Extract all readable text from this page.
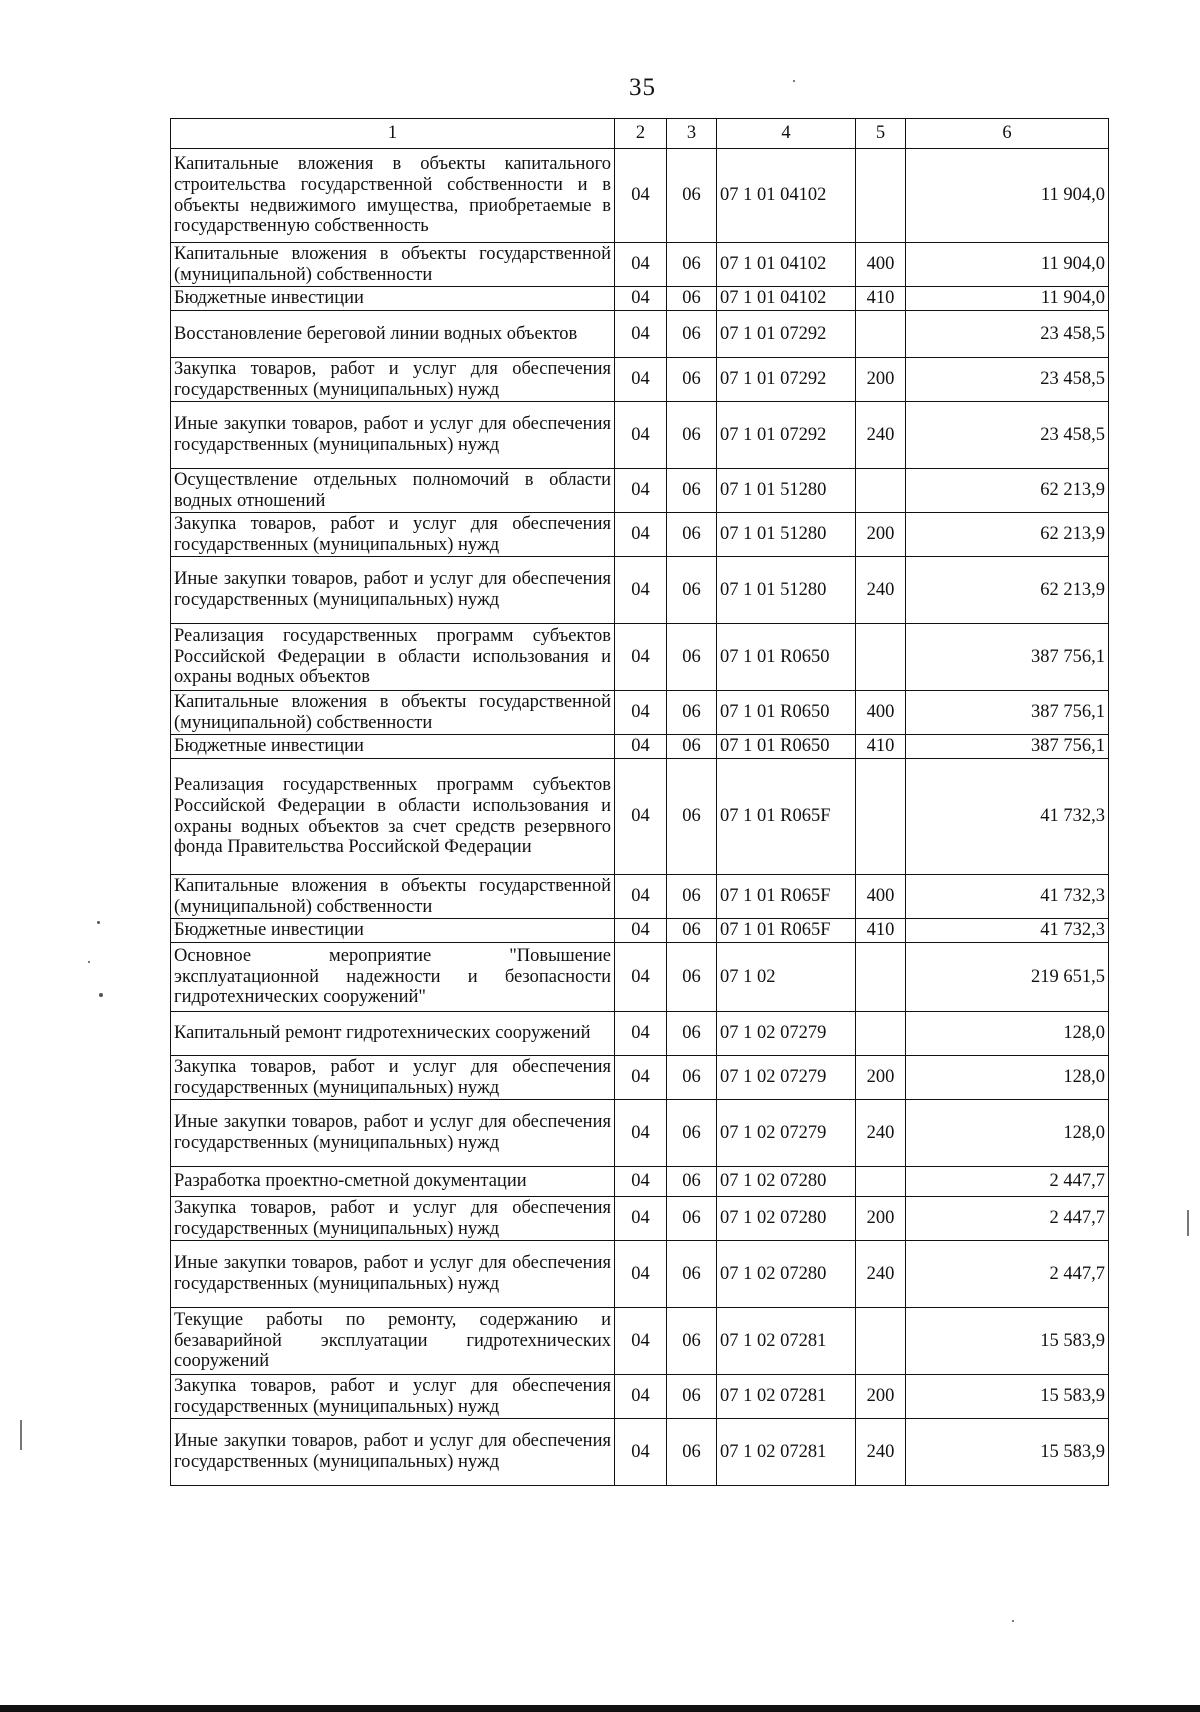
35
1	2	3	4	5	6
Капитальные вложения в объекты капитального строительства государственной собственности и в объекты недвижимого имущества, приобретаемые в государственную собственность	04	06	07 1 01 04102		11 904,0
Капитальные вложения в объекты государственной (муниципальной) собственности	04	06	07 1 01 04102	400	11 904,0
Бюджетные инвестиции	04	06	07 1 01 04102	410	11 904,0
Восстановление береговой линии водных объектов	04	06	07 1 01 07292		23 458,5
Закупка товаров, работ и услуг для обеспечения государственных (муниципальных) нужд	04	06	07 1 01 07292	200	23 458,5
Иные закупки товаров, работ и услуг для обеспечения государственных (муниципальных) нужд	04	06	07 1 01 07292	240	23 458,5
Осуществление отдельных полномочий в области водных отношений	04	06	07 1 01 51280		62 213,9
Закупка товаров, работ и услуг для обеспечения государственных (муниципальных) нужд	04	06	07 1 01 51280	200	62 213,9
Иные закупки товаров, работ и услуг для обеспечения государственных (муниципальных) нужд	04	06	07 1 01 51280	240	62 213,9
Реализация государственных программ субъектов Российской Федерации в области использования и охраны водных объектов	04	06	07 1 01 R0650		387 756,1
Капитальные вложения в объекты государственной (муниципальной) собственности	04	06	07 1 01 R0650	400	387 756,1
Бюджетные инвестиции	04	06	07 1 01 R0650	410	387 756,1
Реализация государственных программ субъектов Российской Федерации в области использования и охраны водных объектов за счет средств резервного фонда Правительства Российской Федерации	04	06	07 1 01 R065F		41 732,3
Капитальные вложения в объекты государственной (муниципальной) собственности	04	06	07 1 01 R065F	400	41 732,3
Бюджетные инвестиции	04	06	07 1 01 R065F	410	41 732,3
Основное мероприятие "Повышение эксплуатационной надежности и безопасности гидротехнических сооружений"	04	06	07 1 02		219 651,5
Капитальный ремонт гидротехнических сооружений	04	06	07 1 02 07279		128,0
Закупка товаров, работ и услуг для обеспечения государственных (муниципальных) нужд	04	06	07 1 02 07279	200	128,0
Иные закупки товаров, работ и услуг для обеспечения государственных (муниципальных) нужд	04	06	07 1 02 07279	240	128,0
Разработка проектно-сметной документации	04	06	07 1 02 07280		2 447,7
Закупка товаров, работ и услуг для обеспечения государственных (муниципальных) нужд	04	06	07 1 02 07280	200	2 447,7
Иные закупки товаров, работ и услуг для обеспечения государственных (муниципальных) нужд	04	06	07 1 02 07280	240	2 447,7
Текущие работы по ремонту, содержанию и безаварийной эксплуатации гидротехнических сооружений	04	06	07 1 02 07281		15 583,9
Закупка товаров, работ и услуг для обеспечения государственных (муниципальных) нужд	04	06	07 1 02 07281	200	15 583,9
Иные закупки товаров, работ и услуг для обеспечения государственных (муниципальных) нужд	04	06	07 1 02 07281	240	15 583,9
